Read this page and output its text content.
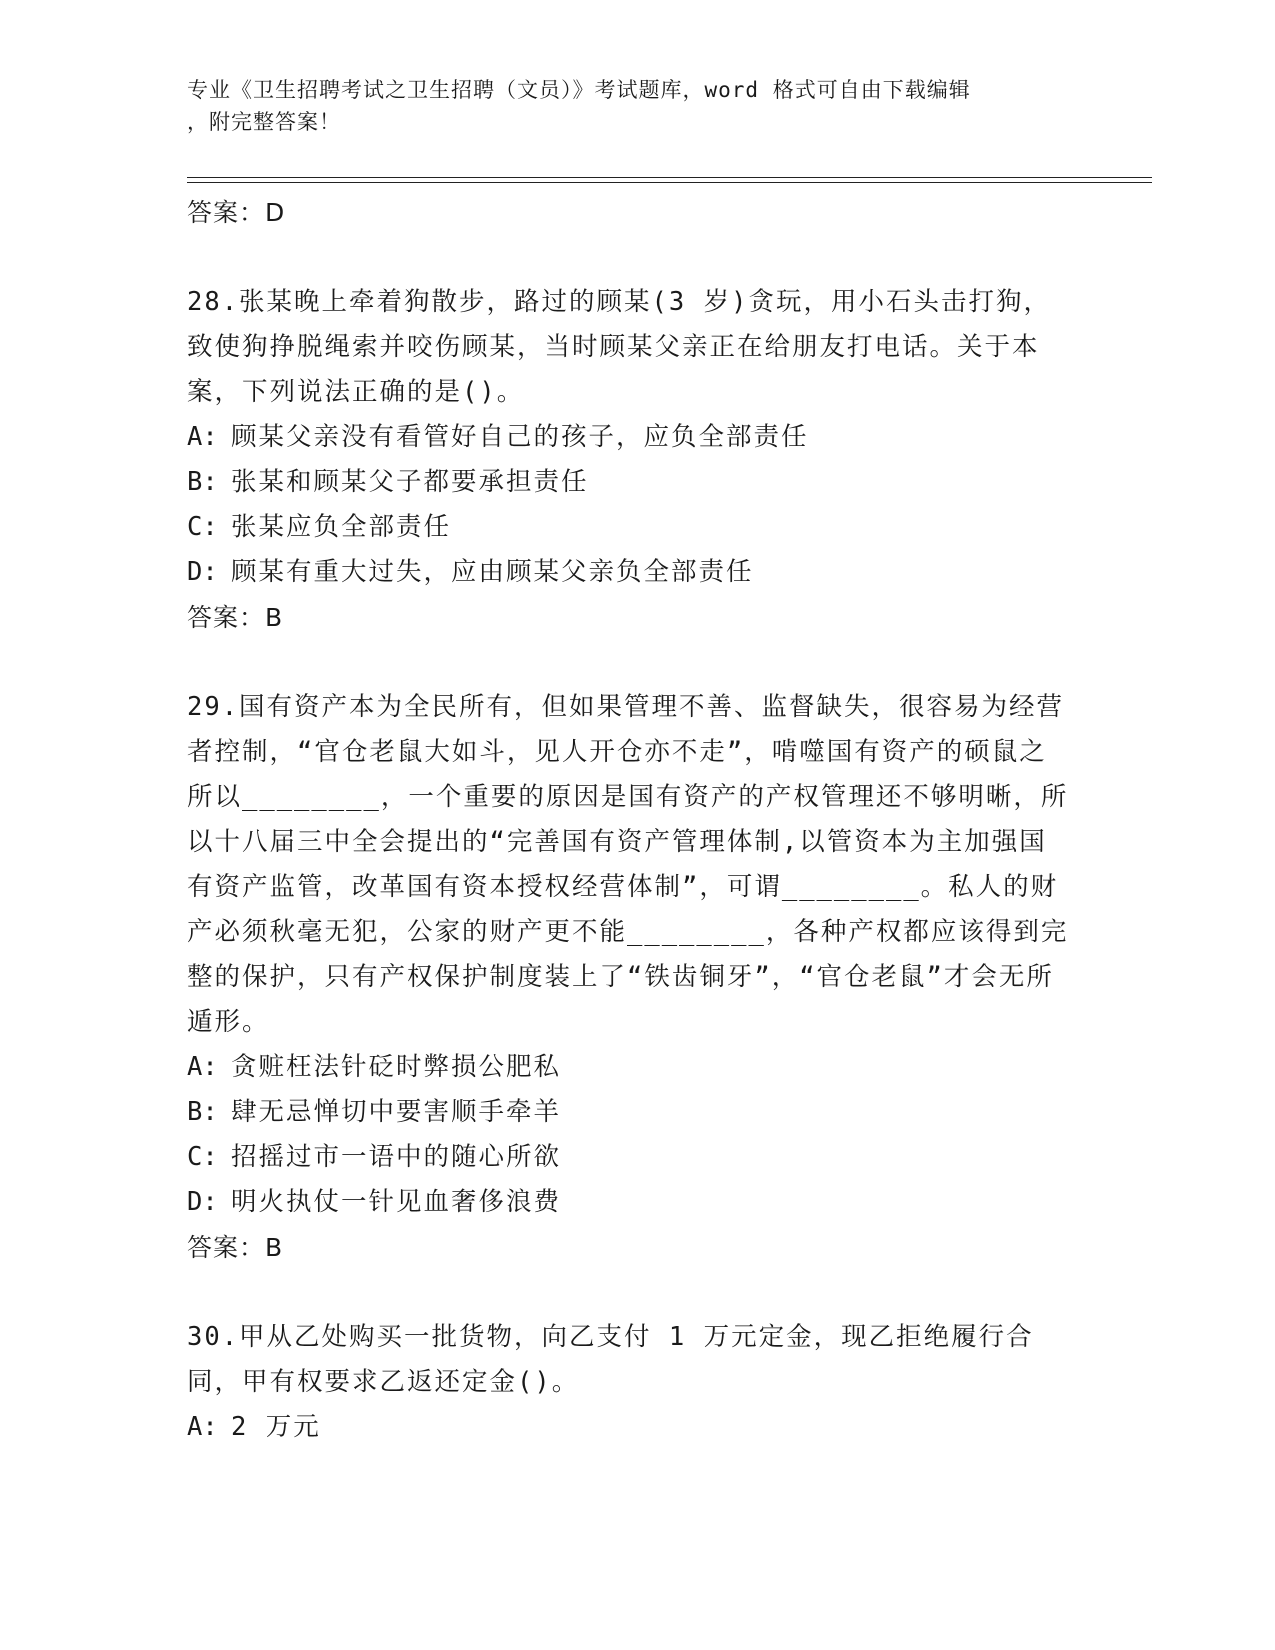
专业《卫生招聘考试之卫生招聘（文员）》考试题库，word 格式可自由下载编辑
，附完整答案！
答案：D
28.张某晚上牵着狗散步，路过的顾某(3 岁)贪玩，用小石头击打狗，致使狗挣脱绳索并咬伤顾某，当时顾某父亲正在给朋友打电话。关于本案，下列说法正确的是()。
A: 顾某父亲没有看管好自己的孩子，应负全部责任
B: 张某和顾某父子都要承担责任
C: 张某应负全部责任
D: 顾某有重大过失，应由顾某父亲负全部责任
答案：B
29.国有资产本为全民所有，但如果管理不善、监督缺失，很容易为经营者控制，“官仓老鼠大如斗，见人开仓亦不走”，啃噬国有资产的硕鼠之所以________，一个重要的原因是国有资产的产权管理还不够明晰，所以十八届三中全会提出的“完善国有资产管理体制,以管资本为主加强国有资产监管，改革国有资本授权经营体制”，可谓________。私人的财产必须秋毫无犯，公家的财产更不能________，各种产权都应该得到完整的保护，只有产权保护制度装上了“铁齿铜牙”，“官仓老鼠”才会无所遁形。
A: 贪赃枉法针砭时弊损公肥私
B: 肆无忌惮切中要害顺手牵羊
C: 招摇过市一语中的随心所欲
D: 明火执仗一针见血奢侈浪费
答案：B
30.甲从乙处购买一批货物，向乙支付 1 万元定金，现乙拒绝履行合同，甲有权要求乙返还定金()。
A: 2 万元
